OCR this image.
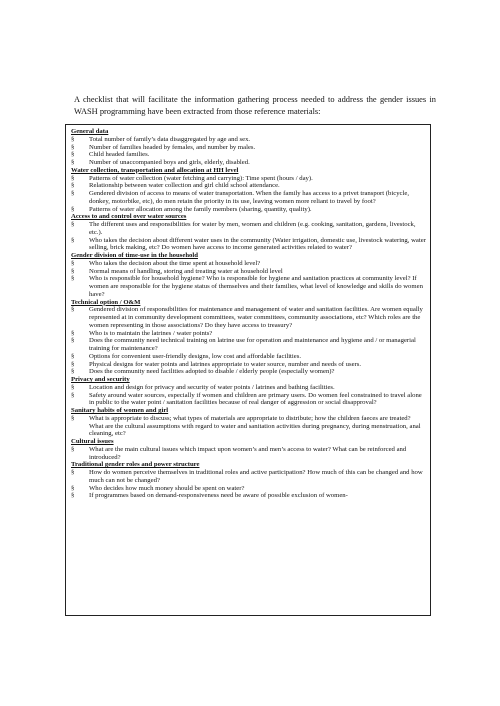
A checklist that will facilitate the information gathering process needed to address the gender issues in WASH programming have been extracted from those reference materials:

General data
§	Total number of family’s data disaggregated by age and sex.
§	Number of families headed by females, and number by males.
§	Child headed families.
§	Number of unaccompanied boys and girls, elderly, disabled.
Water collection, transportation and allocation at HH level
§	Patterns of water collection (water fetching and carrying): Time spent (hours / day).
§	Relationship between water collection and girl child school attendance.
§	Gendered division of access to means of water transportation. When the family has access to a privet transport (bicycle, donkey, motorbike, etc), do men retain the priority in its use, leaving women more reliant to travel by foot?
§	Patterns of water allocation among the family members (sharing, quantity, quality).
Access to and control over water sources
§	The different uses and responsibilities for water by men, women and children (e.g. cooking, sanitation, gardens, livestock, etc.).
§	Who takes the decision about different water uses in the community (Water irrigation, domestic use, livestock watering, water selling, brick making, etc? Do women have access to income generated activities related to water?
Gender division of time-use in the household
§	Who takes the decision about the time spent at household level?
§	Normal means of handling, storing and treating water at household level
§	Who is responsible for household hygiene? Who is responsible for hygiene and sanitation practices at community level? If women are responsible for the hygiene status of themselves and their families, what level of knowledge and skills do women have?
Technical option / O&M
§	Gendered division of responsibilities for maintenance and management of water and sanitation facilities. Are women equally represented at in community development committees, water committees, community associations, etc? Which roles are the women representing in those associations? Do they have access to treasury?
§	Who is to maintain the latrines / water points?
§	Does the community need technical training on latrine use for operation and maintenance and hygiene and / or managerial training for maintenance?
§	Options for convenient user-friendly designs, low cost and affordable facilities.
§	Physical designs for water points and latrines appropriate to water source, number and needs of users.
§	Does the community need facilities adopted to disable / elderly people (especially women)?
Privacy and security
§	Location and design for privacy and security of water points / latrines and bathing facilities.
§	Safety around water sources, especially if women and children are primary users. Do women feel constrained to travel alone in public to the water point / sanitation facilities because of real danger of aggression or social disapproval?
Sanitary habits of women and girl
§	What is appropriate to discuss; what types of materials are appropriate to distribute; how the children faeces are treated? What are the cultural assumptions with regard to water and sanitation activities during pregnancy, during menstruation, anal cleaning, etc?
Cultural issues
§	What are the main cultural issues which impact upon women’s and men’s access to water? What can be reinforced and introduced?
Traditional gender roles and power structure
§	How do women perceive themselves in traditional roles and active participation? How much of this can be changed and how much can not be changed?
§	Who decides how much money should be spent on water?
§	If programmes based on demand-responsiveness need be aware of possible exclusion of women-
